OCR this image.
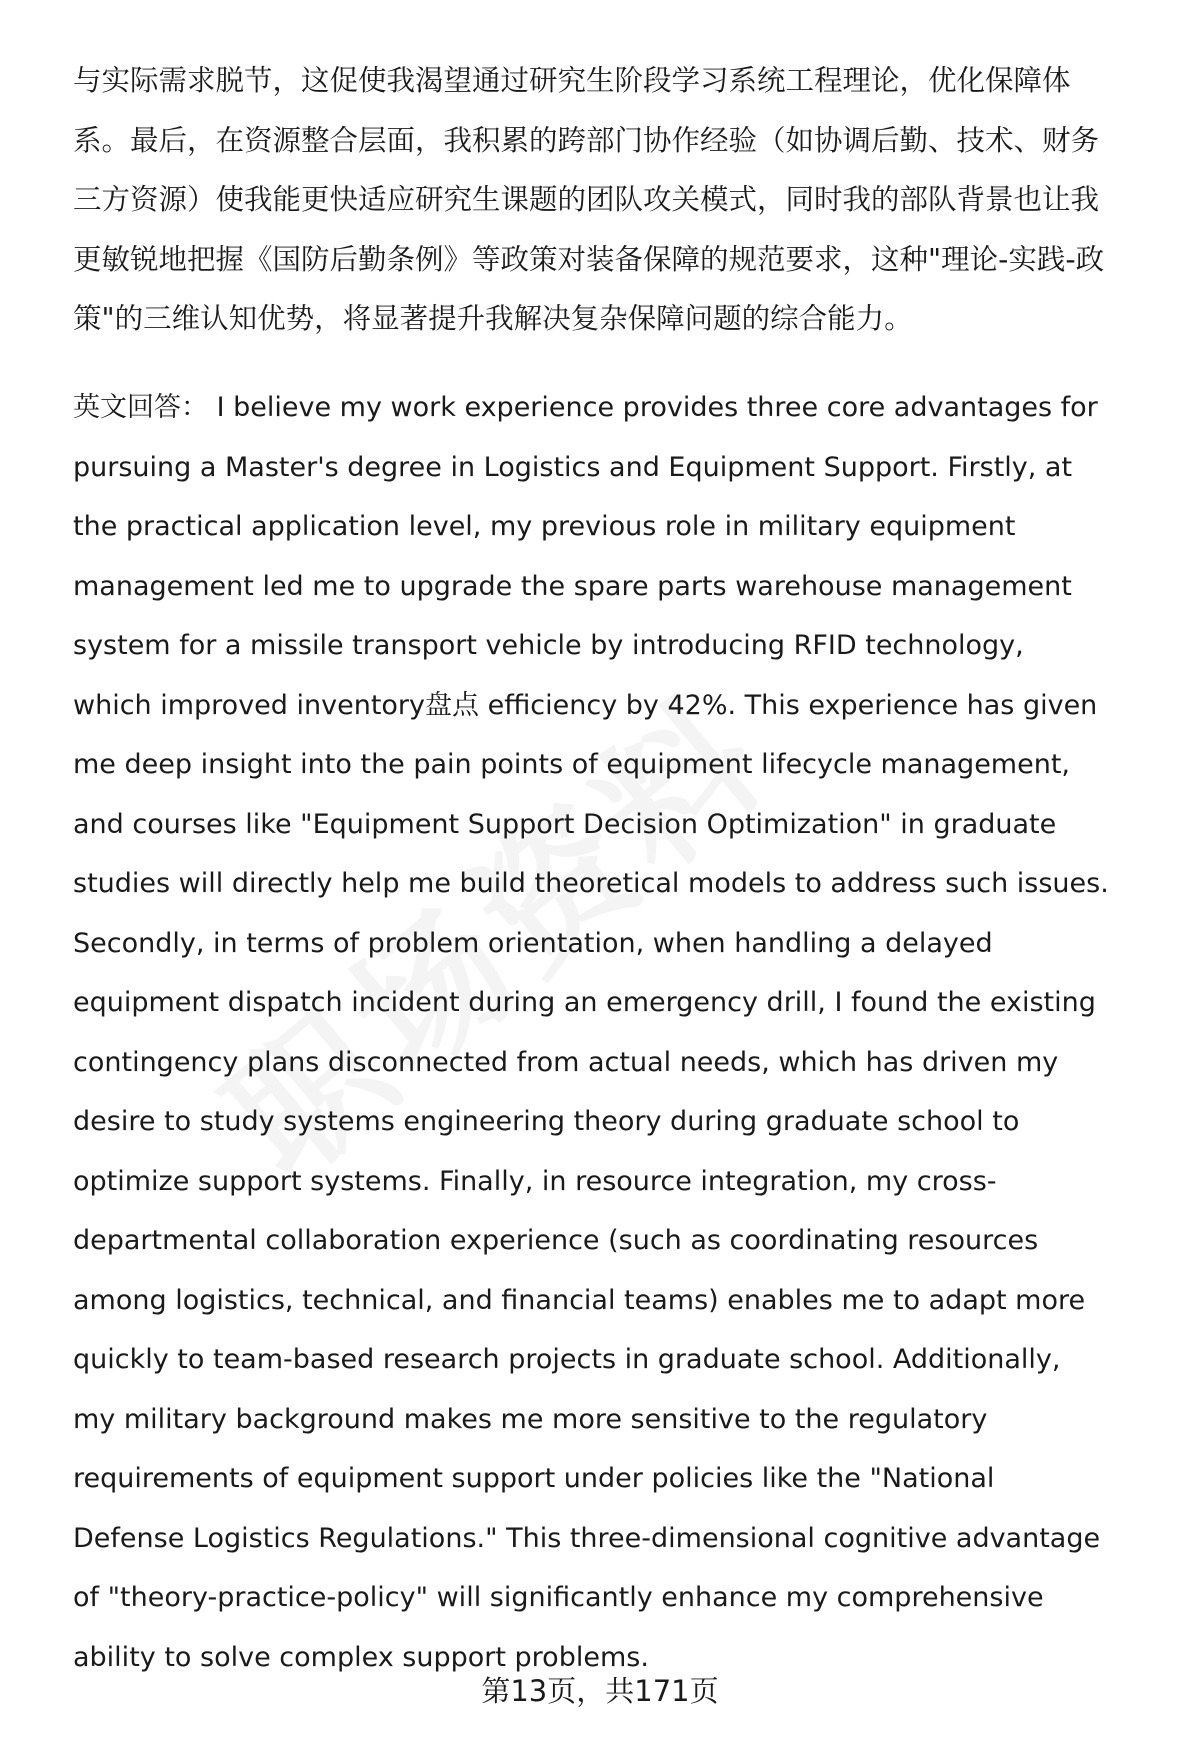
与实际需求脱节，这促使我渴望通过研究生阶段学习系统工程理论，优化保障体
系。最后，在资源整合层面，我积累的跨部门协作经验（如协调后勤、技术、财务
三方资源）使我能更快适应研究生课题的团队攻关模式，同时我的部队背景也让我
更敏锐地把握《国防后勤条例》等政策对装备保障的规范要求，这种"理论-实践-政
策"的三维认知优势，将显著提升我解决复杂保障问题的综合能力。

英文回答： I believe my work experience provides three core advantages for
pursuing a Master's degree in Logistics and Equipment Support. Firstly, at
the practical application level, my previous role in military equipment
management led me to upgrade the spare parts warehouse management
system for a missile transport vehicle by introducing RFID technology,
which improved inventory盘点 efficiency by 42%. This experience has given
me deep insight into the pain points of equipment lifecycle management,
and courses like "Equipment Support Decision Optimization" in graduate
studies will directly help me build theoretical models to address such issues.
Secondly, in terms of problem orientation, when handling a delayed
equipment dispatch incident during an emergency drill, I found the existing
contingency plans disconnected from actual needs, which has driven my
desire to study systems engineering theory during graduate school to
optimize support systems. Finally, in resource integration, my cross-
departmental collaboration experience (such as coordinating resources
among logistics, technical, and financial teams) enables me to adapt more
quickly to team-based research projects in graduate school. Additionally,
my military background makes me more sensitive to the regulatory
requirements of equipment support under policies like the "National
Defense Logistics Regulations." This three-dimensional cognitive advantage
of "theory-practice-policy" will significantly enhance my comprehensive
ability to solve complex support problems.

第13页，共171页
